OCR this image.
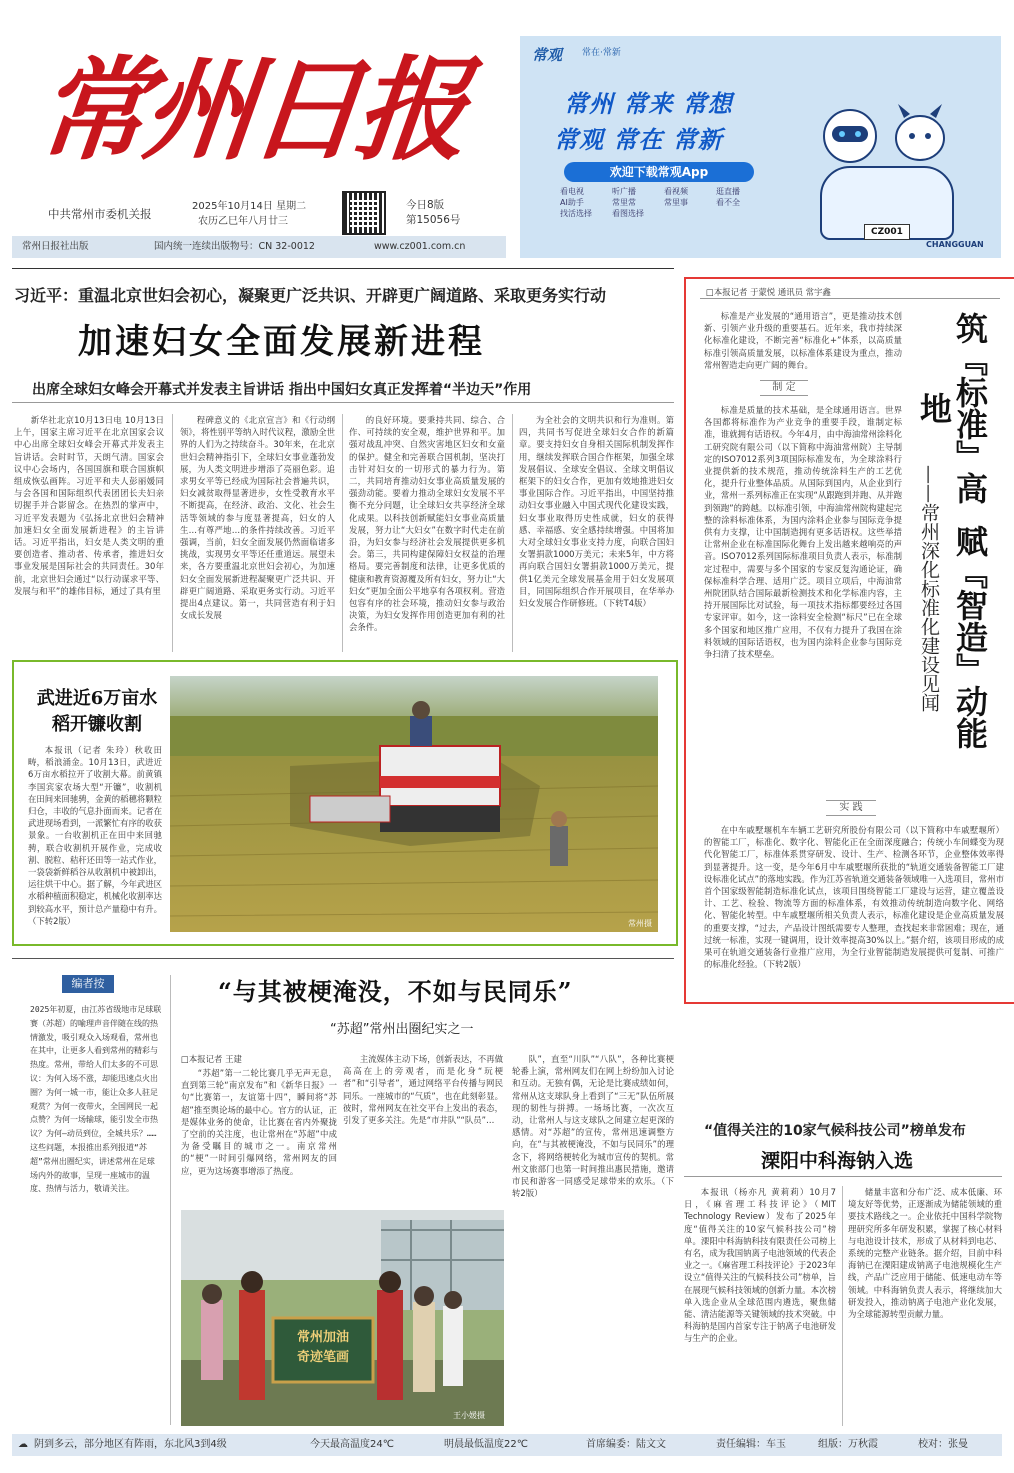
常州日报
中共常州市委机关报
2025年10月14日 星期二
农历乙巳年八月廿三
今日8版
第15056号
常州日报社出版	国内统一连续出版物号：CN 32-0012	www.cz001.com.cn
常观 常在·常新
常州 常来 常想
常观 常在 常新
欢迎下载常观App
看电视	听广播	看视频	逛直播AI助手	常里常	常里事	看不全找活选择	看图选择
CZ001
CHANGGUAN
习近平：重温北京世妇会初心，凝聚更广泛共识、开辟更广阔道路、采取更务实行动
加速妇女全面发展新进程
出席全球妇女峰会开幕式并发表主旨讲话 指出中国妇女真正发挥着“半边天”作用

新华社北京10月13日电 10月13日上午，国家主席习近平在北京国家会议中心出席全球妇女峰会开幕式并发表主旨讲话。会时时节，天朗气清。国家会议中心会场内，各国国旗和联合国旗帜组成恢弘画阵。习近平和夫人彭丽媛同与会各国和国际组织代表团团长夫妇亲切握手并合影留念。在热烈的掌声中，习近平发表题为《弘扬北京世妇会精神 加速妇女全面发展新进程》的主旨讲话。习近平指出，妇女是人类文明的重要创造者、推动者、传承者，推进妇女事业发展是国际社会的共同责任。30年前，北京世妇会通过“以行动谋求平等、发展与和平”的雄伟目标，通过了具有里

程碑意义的《北京宣言》和《行动纲领》，将性别平等纳入时代议程，激励全世界的人们为之持续奋斗。30年来，在北京世妇会精神指引下，全球妇女事业蓬勃发展，为人类文明进步增添了亮丽色彩。追求男女平等已经成为国际社会普遍共识，妇女减贫取得显著进步，女性受教育水平不断提高，在经济、政治、文化、社会生活等领域的参与度显著提高，妇女的人生…有尊严地…的条件持续改善。习近平强调，当前，妇女全面发展仍然面临诸多挑战，实现男女平等还任重道远。展望未来，各方要重温北京世妇会初心，为加速妇女全面发展新进程凝聚更广泛共识、开辟更广阔道路、采取更务实行动。习近平提出4点建议。第一，共同营造有利于妇女成长发展

的良好环境。要秉持共同、综合、合作、可持续的安全观，维护世界和平。加强对战乱冲突、自然灾害地区妇女和女童的保护。健全和完善联合国机制，坚决打击针对妇女的一切形式的暴力行为。第二，共同培育推动妇女事业高质量发展的强劲动能。要着力推动全球妇女发展不平衡不充分问题，让全球妇女共享经济全球化成果。以科技创新赋能妇女事业高质量发展，努力让“大妇女”在数字时代走在前沿，为妇女参与经济社会发展提供更多机会。第三，共同构建保障妇女权益的治理格局。要完善制度和法律，让更多优质的健康和教育资源覆及所有妇女，努力让“大妇女”更加全面公平地享有各项权利。营造包容有序的社会环境，推动妇女参与政治决策，为妇女发挥作用创造更加有利的社会条件。

为全社会的文明共识和行为准则。第四，共同书写促进全球妇女合作的新篇章。要支持妇女自身相关国际机制发挥作用，继续发挥联合国合作框架，加强全球发展倡议、全球安全倡议、全球文明倡议框架下的妇女合作，更加有效地推进妇女事业国际合作。习近平指出，中国坚持推动妇女事业融入中国式现代化建设实践，妇女事业取得历史性成就，妇女的获得感、幸福感、安全感持续增强。中国将加大对全球妇女事业支持力度，向联合国妇女署捐款1000万美元；未来5年，中方将再向联合国妇女署捐款1000万美元，提供1亿美元全球发展基金用于妇女发展项目，同国际组织合作开展项目，在华举办妇女发展合作研修班。（下转T4版）

武进近6万亩水稻开镰收割

本报讯（记者 朱玲）秋收田畴，稻浪涌金。10月13日，武进近6万亩水稻拉开了收割大幕。前黄镇李国宾家农场大型“开镰”，收割机在田间来回驰骋，金黄的稻穗将颗粒归仓，丰收的气息扑面而来。记者在武进现场看到，一派繁忙有序的收获景象。一台收割机正在田中来回驰骋，联合收割机开展作业，完成收割、脱粒、秸秆还田等一站式作业，一袋袋新鲜稻谷从收割机中被卸出，运往烘干中心。据了解，今年武进区水稻种植面积稳定，机械化收割率达到较高水平，预计总产量稳中有升。（下转2版）	常州摄
□本报记者 于蒙悦 通讯员 常宇鑫
筑『标准』高地
赋『智造』动能
——常州深化标准化建设见闻

标准是产业发展的“通用语言”，更是推动技术创新、引领产业升级的重要基石。近年来，我市持续深化标准化建设，不断完善“标准化+”体系，以高质量标准引领高质量发展，以标准体系建设为重点，推动常州智造走向更广阔的舞台。

制 定

标准是质量的技术基础，是全球通用语言。世界各国都将标准作为产业竞争的重要手段，谁制定标准，谁就拥有话语权。今年4月，由中海油常州涂料化工研究院有限公司（以下简称中海油常州院）主导制定的ISO7012系列3项国际标准发布，为全球涂料行业提供新的技术规范，推动传统涂料生产的工艺优化，提升行业整体品质。从国际到国内，从企业到行业，常州一系列标准正在实现“从跟跑到并跑、从并跑到领跑”的跨越。以标准引领，中海油常州院构建起完整的涂料标准体系，为国内涂料企业参与国际竞争提供有力支撑，让中国制造拥有更多话语权。这些举措让常州企业在标准国际化舞台上发出越来越响亮的声音。ISO7012系列国际标准项目负责人表示，标准制定过程中，需要与多个国家的专家反复沟通论证，确保标准科学合理、适用广泛。项目立项后，中海油常州院团队结合国际最新检测技术和化学标准内容，主持开展国际比对试验，每一项技术指标都要经过各国专家评审。如今，这一涂料安全检测“标尺”已在全球多个国家和地区推广应用，不仅有力提升了我国在涂料领域的国际话语权，也为国内涂料企业参与国际竞争扫清了技术壁垒。

实 践

在中车戚墅堰机车车辆工艺研究所股份有限公司（以下简称中车戚墅堰所）的智能工厂，标准化、数字化、智能化正在全面深度融合；传统小车间蝶变为现代化智能工厂，标准体系贯穿研发、设计、生产、检测各环节，企业整体效率得到显著提升。这一变，是今年6月中车戚墅堰所获批的“轨道交通装备智能工厂建设标准化试点”的落地实践。作为江苏省轨道交通装备领域唯一入选项目，常州市首个国家级智能制造标准化试点，该项目围绕智能工厂建设与运营，建立覆盖设计、工艺、检验、物流等方面的标准体系，有效推动传统制造向数字化、网络化、智能化转型。中车戚墅堰所相关负责人表示，标准化建设是企业高质量发展的重要支撑，“过去，产品设计图纸需要专人整理，查找起来非常困难；现在，通过统一标准，实现一键调用，设计效率提高30%以上。”据介绍，该项目形成的成果可在轨道交通装备行业推广应用，为全行业智能制造发展提供可复制、可推广的标准化经验。（下转2版）

编者按
2025年初夏，由江苏省级地市足球联赛（苏超）的喻理声音伴随在线的热情激发，吸引观众入场观看，常州也在其中，让更多人看到常州的精彩与热度。常州，带给人们太多的不可思议：为何入场不涨，却能迅速点火出圈？为何一城一市，能让众多人驻足观赏？为何一夜带火，全国网民一起点赞？为何一场输球，能引发全市热议？为何—动员到位，全城共乐？……这些问题，本报推出系列报道“苏超”常州出圈纪实，讲述常州在足球场内外的故事，呈现一座城市的温度、热情与活力，敬请关注。
“与其被梗淹没，不如与民同乐”
“苏超”常州出圈纪实之一
□本报记者 王建

“苏超”第一二轮比赛几乎无声无息，直到第三轮“南京发布”和《新华日报》一句“比赛第一，友谊第十四”，瞬间将“苏超”推至舆论场的最中心。官方的认证，正是媒体业务的使命，让比赛在省内外聚拢了空前的关注度，也让常州在“苏超”中成为备受瞩目的城市之一。南京常州的“梗”一时间引爆网络，常州网友的回应，更为这场赛事增添了热度。

主流媒体主动下场，创新表达，不再做高高在上的旁观者，而是化身“玩梗者”和“引导者”，通过网络平台传播与网民同乐。一座城市的“气质”，也在此刻彰显。彼时，常州网友在社交平台上发出的表态，引发了更多关注。先是“市井队”“队员”…

队”，直至“川队”“八队”，各种比赛梗轮番上演，常州网友们在网上纷纷加入讨论和互动。无独有偶，无论是比赛成绩如何，常州从这支球队身上看到了“三无”队伍所展现的韧性与拼搏。一场场比赛，一次次互动，让常州人与这支球队之间建立起更深的感情。对“苏超”的宣传，常州迅速调整方向，在“与其被梗淹没，不如与民同乐”的理念下，将网络梗转化为城市宣传的契机。常州文旅部门也第一时间推出惠民措施，邀请市民和游客一同感受足球带来的欢乐。（下转2版）

常州加油
奇迹笔画
王小媛摄
“值得关注的10家气候科技公司”榜单发布
溧阳中科海钠入选

本报讯（杨亦凡 黄莉莉）10月7日，《麻省理工科技评论》（MIT Technology Review）发布了2025年度“值得关注的10家气候科技公司”榜单。溧阳中科海钠科技有限责任公司榜上有名，成为我国钠离子电池领域的代表企业之一。《麻省理工科技评论》于2023年设立“值得关注的气候科技公司”榜单，旨在展现气候科技领域的创新力量。本次榜单入选企业从全球范围内遴选，聚焦储能、清洁能源等关键领域的技术突破。中科海钠是国内首家专注于钠离子电池研发与生产的企业。

储量丰富和分布广泛、成本低廉、环境友好等优势，正逐渐成为储能领域的重要技术路线之一。企业依托中国科学院物理研究所多年研发积累，掌握了核心材料与电池设计技术，形成了从材料到电芯、系统的完整产业链条。据介绍，目前中科海钠已在溧阳建成钠离子电池规模化生产线，产品广泛应用于储能、低速电动车等领域。中科海钠负责人表示，将继续加大研发投入，推动钠离子电池产业化发展，为全球能源转型贡献力量。

☁ 阴到多云，部分地区有阵雨，东北风3到4级	今天最高温度24℃	明晨最低温度22℃	首席编委：陆文文	责任编辑：车玉	组版：万秋霞	校对：张曼
